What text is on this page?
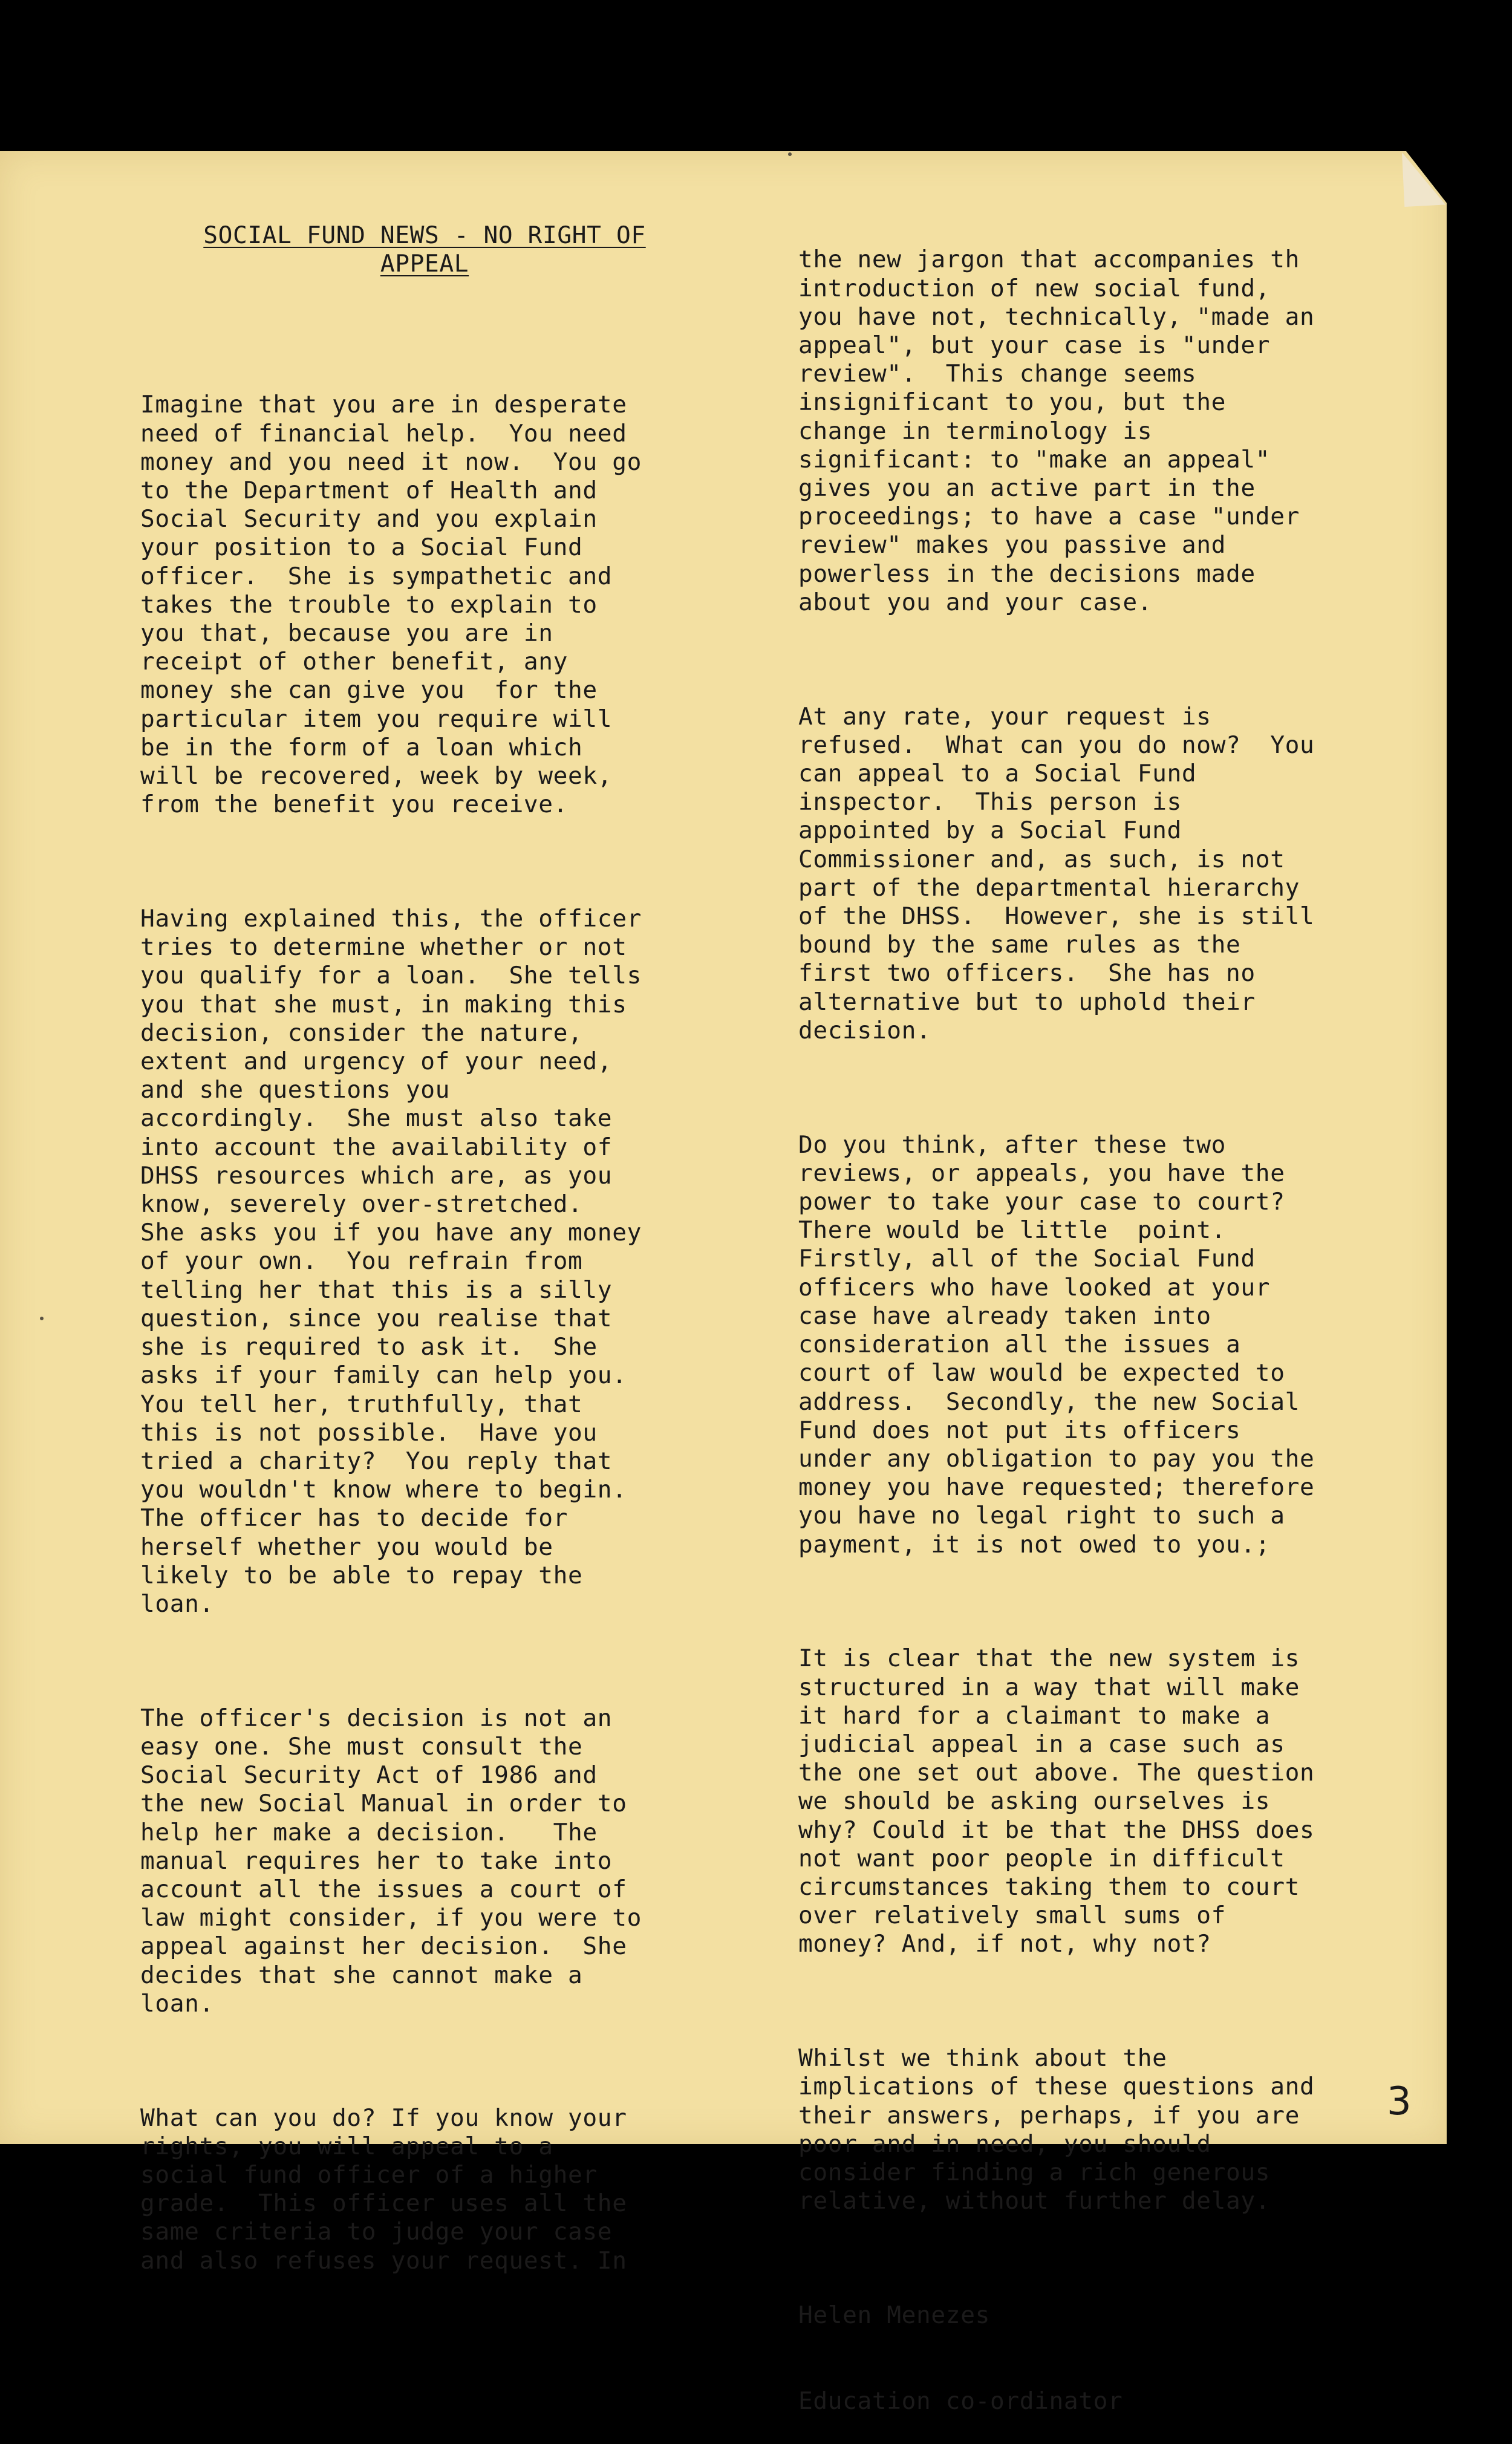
SOCIAL FUND NEWS - NO RIGHT OF
APPEAL

Imagine that you are in desperate
need of financial help.  You need
money and you need it now.  You go
to the Department of Health and
Social Security and you explain
your position to a Social Fund
officer.  She is sympathetic and
takes the trouble to explain to
you that, because you are in
receipt of other benefit, any
money she can give you  for the
particular item you require will
be in the form of a loan which
will be recovered, week by week,
from the benefit you receive.

Having explained this, the officer
tries to determine whether or not
you qualify for a loan.  She tells
you that she must, in making this
decision, consider the nature,
extent and urgency of your need,
and she questions you
accordingly.  She must also take
into account the availability of
DHSS resources which are, as you
know, severely over-stretched.
She asks you if you have any money
of your own.  You refrain from
telling her that this is a silly
question, since you realise that
she is required to ask it.  She
asks if your family can help you.
You tell her, truthfully, that
this is not possible.  Have you
tried a charity?  You reply that
you wouldn't know where to begin.
The officer has to decide for
herself whether you would be
likely to be able to repay the
loan.

The officer's decision is not an
easy one. She must consult the
Social Security Act of 1986 and
the new Social Manual in order to
help her make a decision.   The
manual requires her to take into
account all the issues a court of
law might consider, if you were to
appeal against her decision.  She
decides that she cannot make a
loan.

What can you do? If you know your
rights, you will appeal to a
social fund officer of a higher
grade.  This officer uses all the
same criteria to judge your case
and also refuses your request. In

the new jargon that accompanies th
introduction of new social fund,
you have not, technically, "made an
appeal", but your case is "under
review".  This change seems
insignificant to you, but the
change in terminology is
significant: to "make an appeal"
gives you an active part in the
proceedings; to have a case "under
review" makes you passive and
powerless in the decisions made
about you and your case.

At any rate, your request is
refused.  What can you do now?  You
can appeal to a Social Fund
inspector.  This person is
appointed by a Social Fund
Commissioner and, as such, is not
part of the departmental hierarchy
of the DHSS.  However, she is still
bound by the same rules as the
first two officers.  She has no
alternative but to uphold their
decision.

Do you think, after these two
reviews, or appeals, you have the
power to take your case to court?
There would be little  point.
Firstly, all of the Social Fund
officers who have looked at your
case have already taken into
consideration all the issues a
court of law would be expected to
address.  Secondly, the new Social
Fund does not put its officers
under any obligation to pay you the
money you have requested; therefore
you have no legal right to such a
payment, it is not owed to you.;

It is clear that the new system is
structured in a way that will make
it hard for a claimant to make a
judicial appeal in a case such as
the one set out above. The question
we should be asking ourselves is
why? Could it be that the DHSS does
not want poor people in difficult
circumstances taking them to court
over relatively small sums of
money? And, if not, why not?

Whilst we think about the
implications of these questions and
their answers, perhaps, if you are
poor and in need, you should
consider finding a rich generous
relative, without further delay.

Helen Menezes

Education co-ordinator

3
